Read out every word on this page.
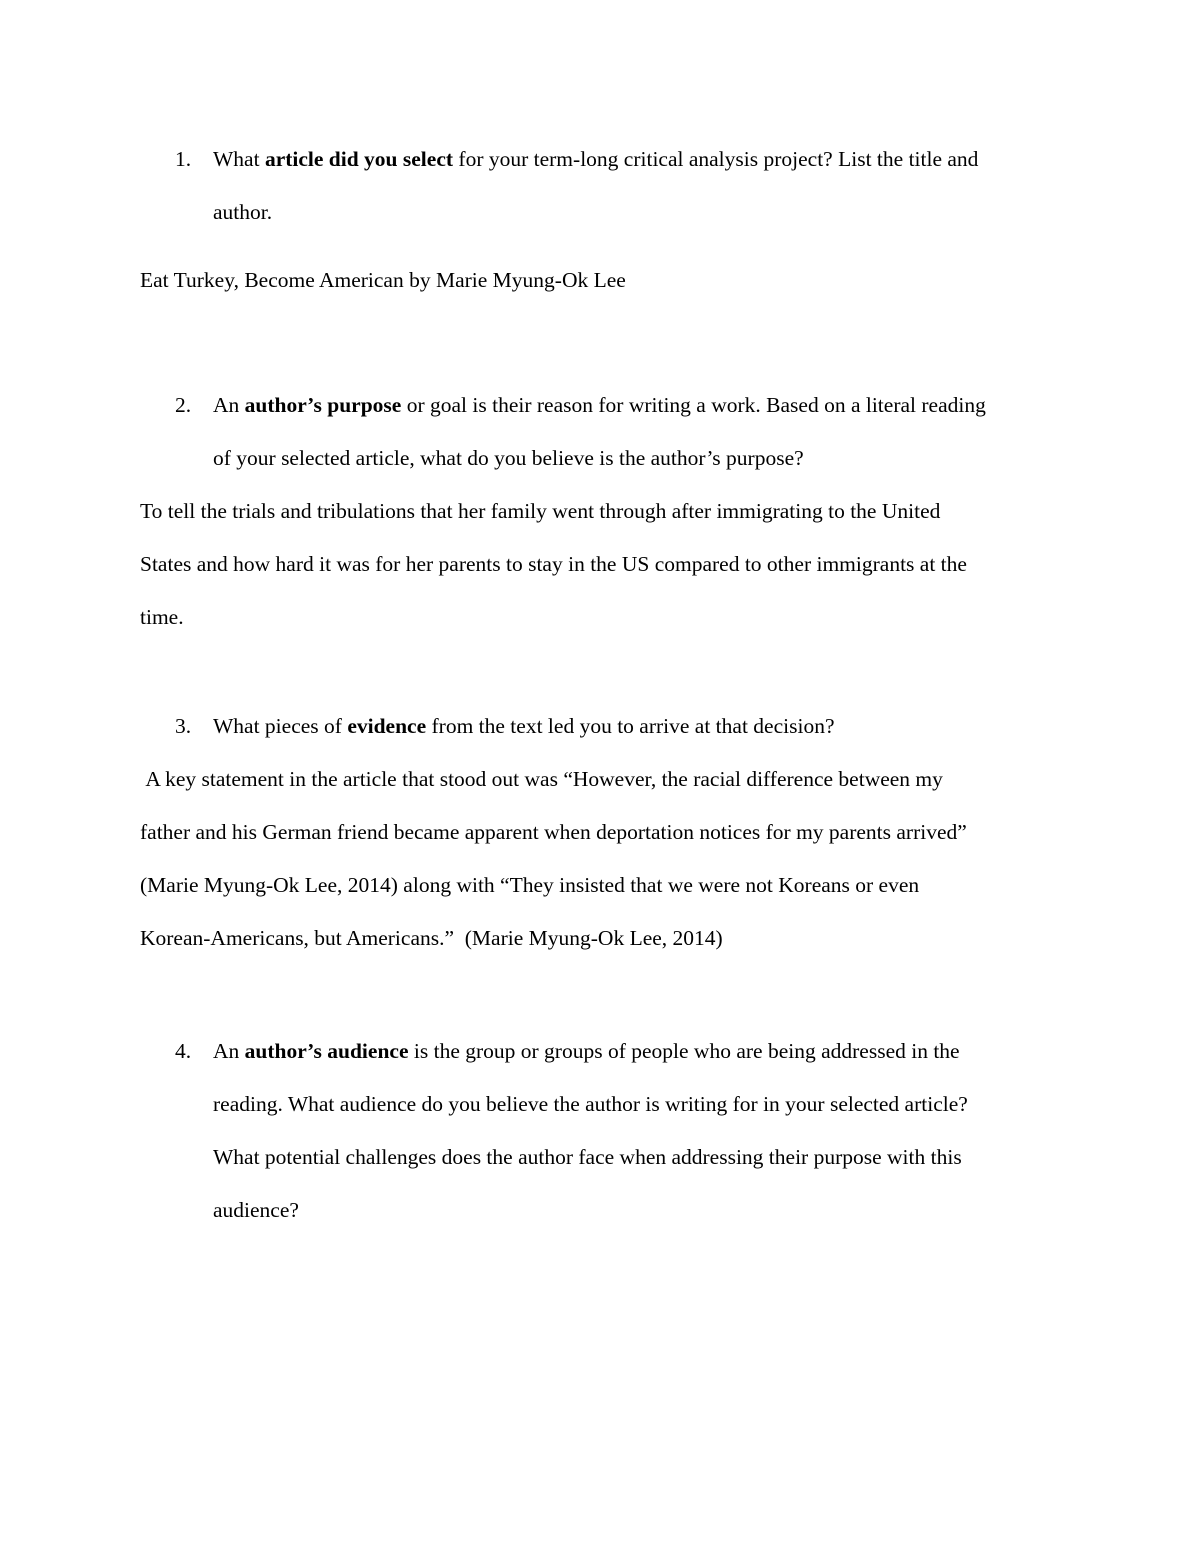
1. What article did you select for your term-long critical analysis project? List the title and
author.
Eat Turkey, Become American by Marie Myung-Ok Lee
2. An author’s purpose or goal is their reason for writing a work. Based on a literal reading
of your selected article, what do you believe is the author’s purpose?
To tell the trials and tribulations that her family went through after immigrating to the United
States and how hard it was for her parents to stay in the US compared to other immigrants at the
time.
3. What pieces of evidence from the text led you to arrive at that decision?
A key statement in the article that stood out was “However, the racial difference between my
father and his German friend became apparent when deportation notices for my parents arrived”
(Marie Myung-Ok Lee, 2014) along with “They insisted that we were not Koreans or even
Korean-Americans, but Americans.”  (Marie Myung-Ok Lee, 2014)
4. An author’s audience is the group or groups of people who are being addressed in the
reading. What audience do you believe the author is writing for in your selected article?
What potential challenges does the author face when addressing their purpose with this
audience?
